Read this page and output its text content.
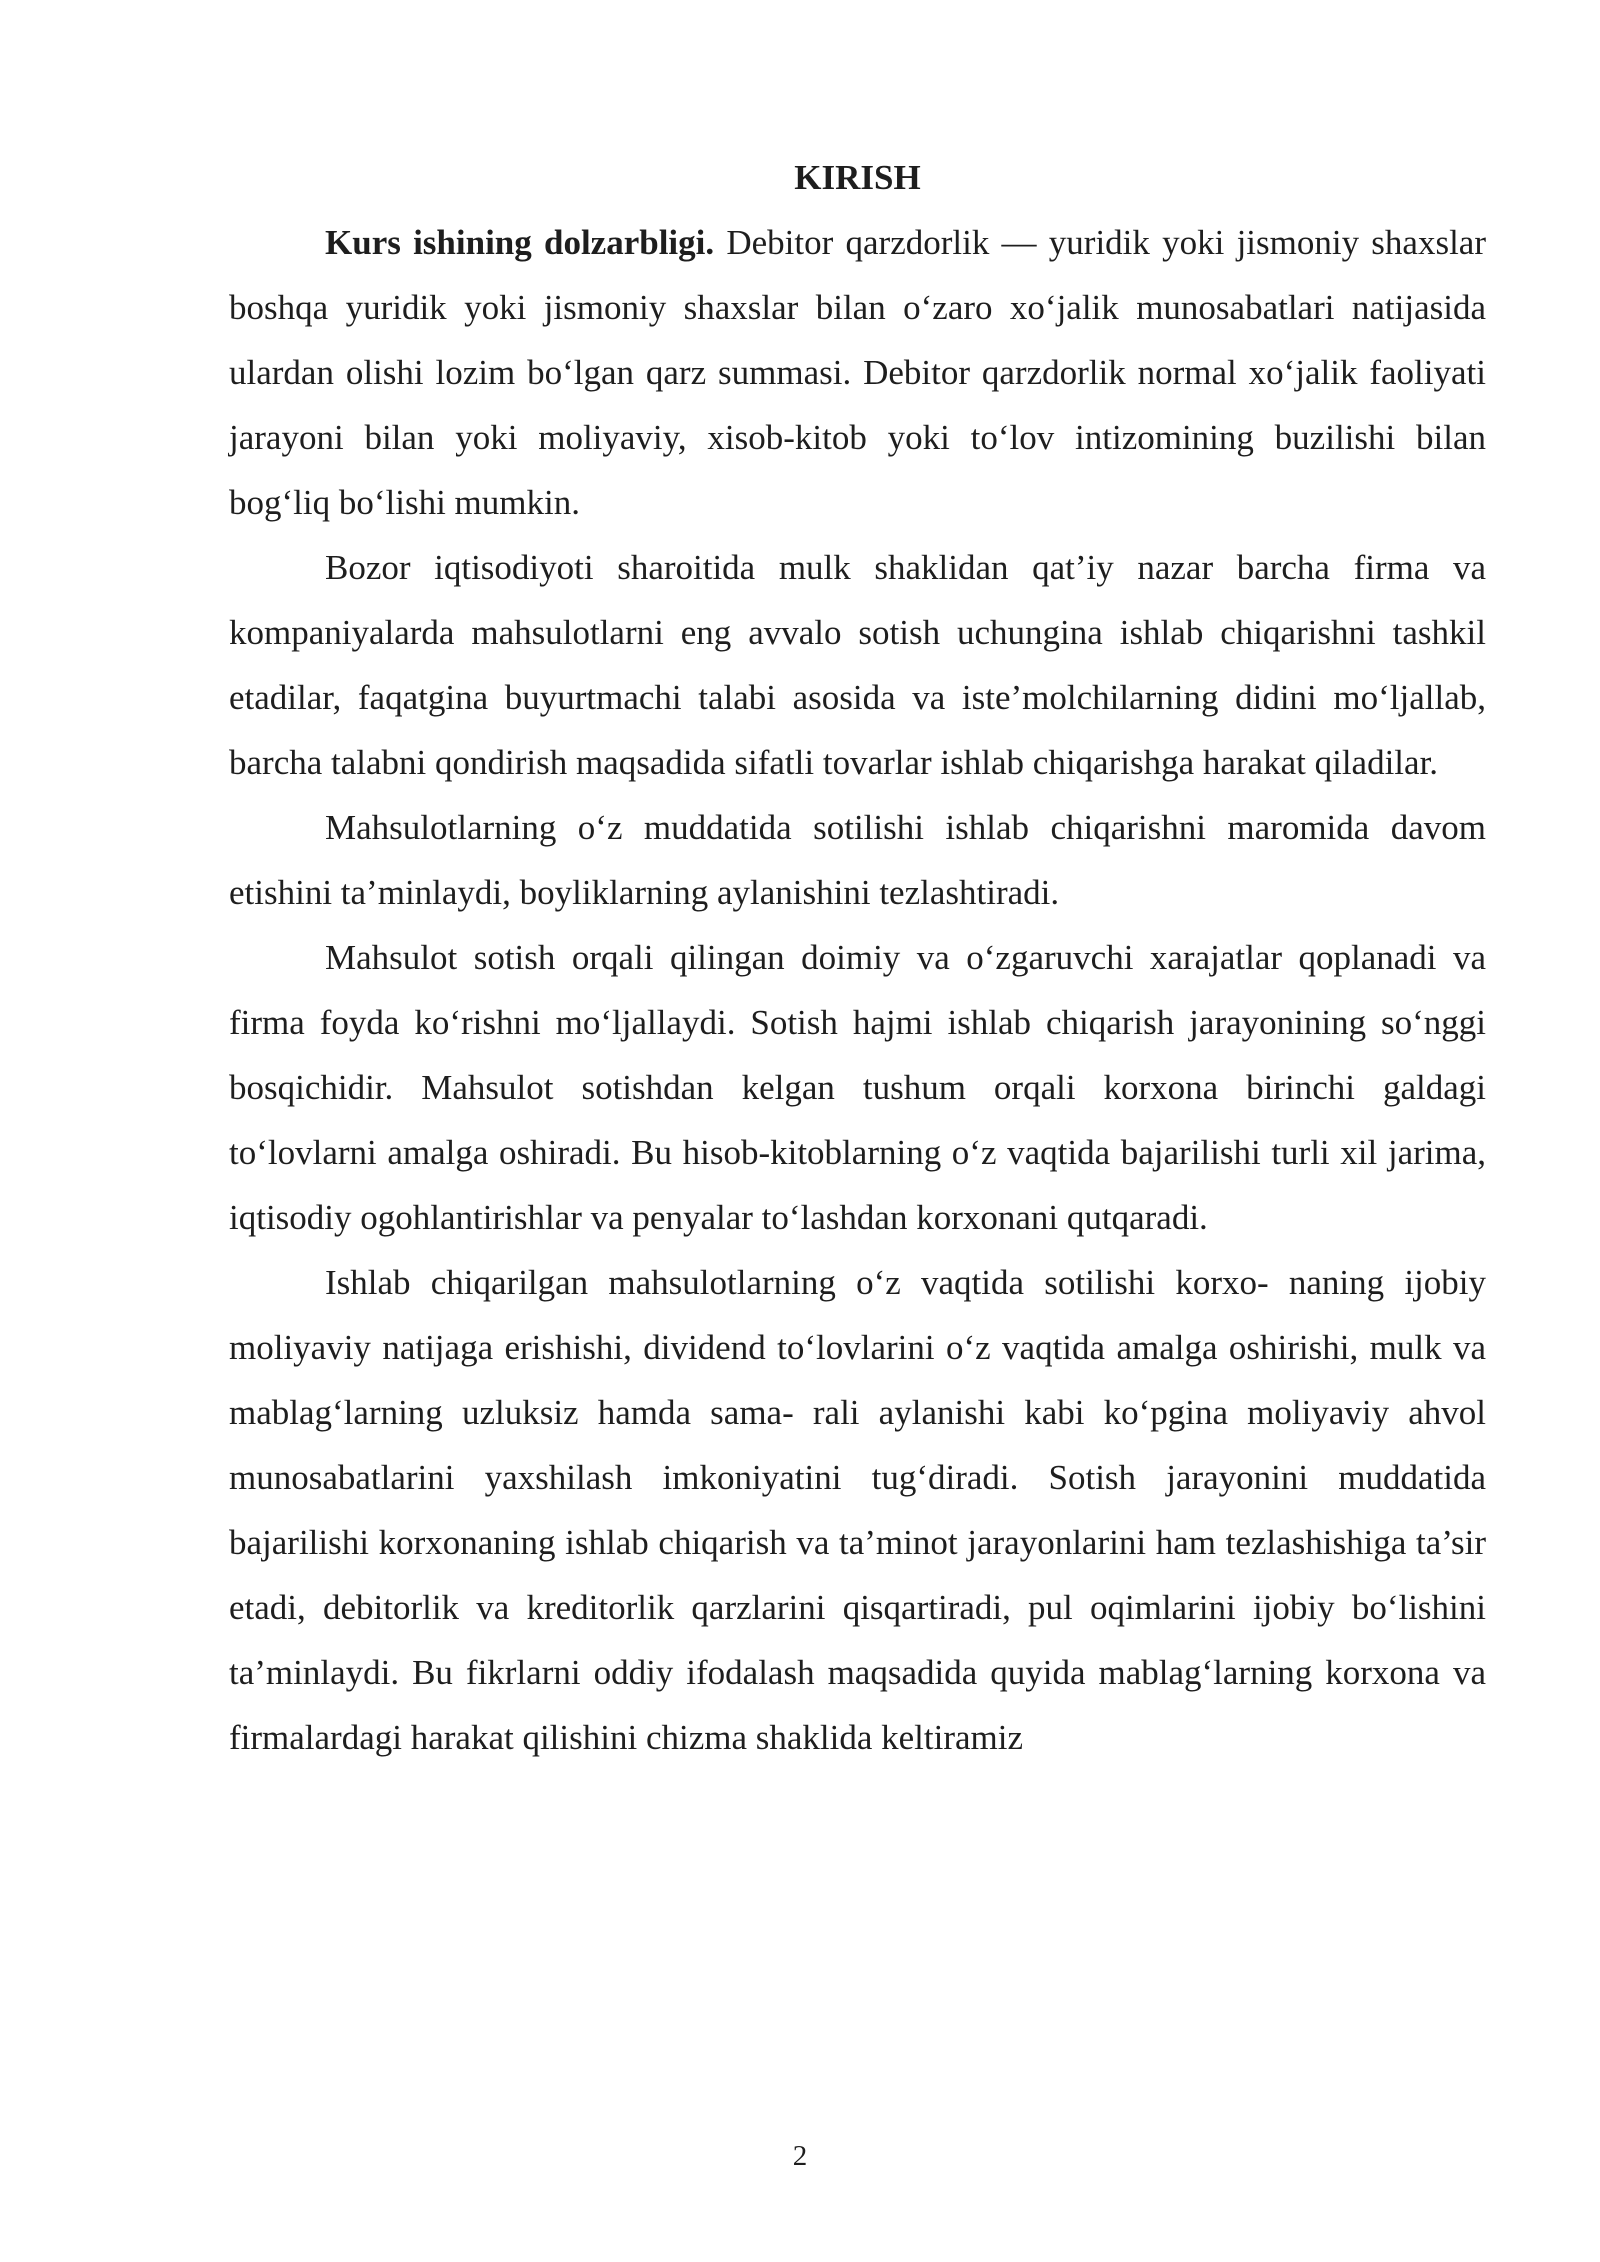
KIRISH

Kurs ishining dolzarbligi. Debitor qarzdorlik — yuridik yoki jismoniy shaxslar boshqa yuridik yoki jismoniy shaxslar bilan o‘zaro xo‘jalik munosabatlari natijasida ulardan olishi lozim bo‘lgan qarz summasi. Debitor qarzdorlik normal xo‘jalik faoliyati jarayoni bilan yoki moliyaviy, xisob-kitob yoki to‘lov intizomining buzilishi bilan bog‘liq bo‘lishi mumkin.

Bozor iqtisodiyoti sharoitida mulk shaklidan qat’iy nazar barcha firma va kompaniyalarda mahsulotlarni eng avvalo sotish uchungina ishlab chiqarishni tashkil etadilar, faqatgina buyurtmachi talabi asosida va iste’molchilarning didini mo‘ljallab, barcha talabni qondirish maqsadida sifatli tovarlar ishlab chiqarishga harakat qiladilar.

Mahsulotlarning o‘z muddatida sotilishi ishlab chiqarishni maromida davom etishini ta’minlaydi, boyliklarning aylanishini tezlashtiradi.

Mahsulot sotish orqali qilingan doimiy va o‘zgaruvchi xarajatlar qoplanadi va firma foyda ko‘rishni mo‘ljallaydi. Sotish hajmi ishlab chiqarish jarayonining so‘nggi bosqichidir. Mahsulot sotishdan kelgan tushum orqali korxona birinchi galdagi to‘lovlarni amalga oshiradi. Bu hisob-kitoblarning o‘z vaqtida bajarilishi turli xil jarima, iqtisodiy ogohlantirishlar va penyalar to‘lashdan korxonani qutqaradi.

Ishlab chiqarilgan mahsulotlarning o‘z vaqtida sotilishi korxo- naning ijobiy moliyaviy natijaga erishishi, dividend to‘lovlarini o‘z vaqtida amalga oshirishi, mulk va mablag‘larning uzluksiz hamda sama- rali aylanishi kabi ko‘pgina moliyaviy ahvol munosabatlarini yaxshilash imkoniyatini tug‘diradi. Sotish jarayonini muddatida bajarilishi korxonaning ishlab chiqarish va ta’minot jarayonlarini ham tezlashishiga ta’sir etadi, debitorlik va kreditorlik qarzlarini qisqartiradi, pul oqimlarini ijobiy bo‘lishini ta’minlaydi. Bu fikrlarni oddiy ifodalash maqsadida quyida mablag‘larning korxona va firmalardagi harakat qilishini chizma shaklida keltiramiz

2
